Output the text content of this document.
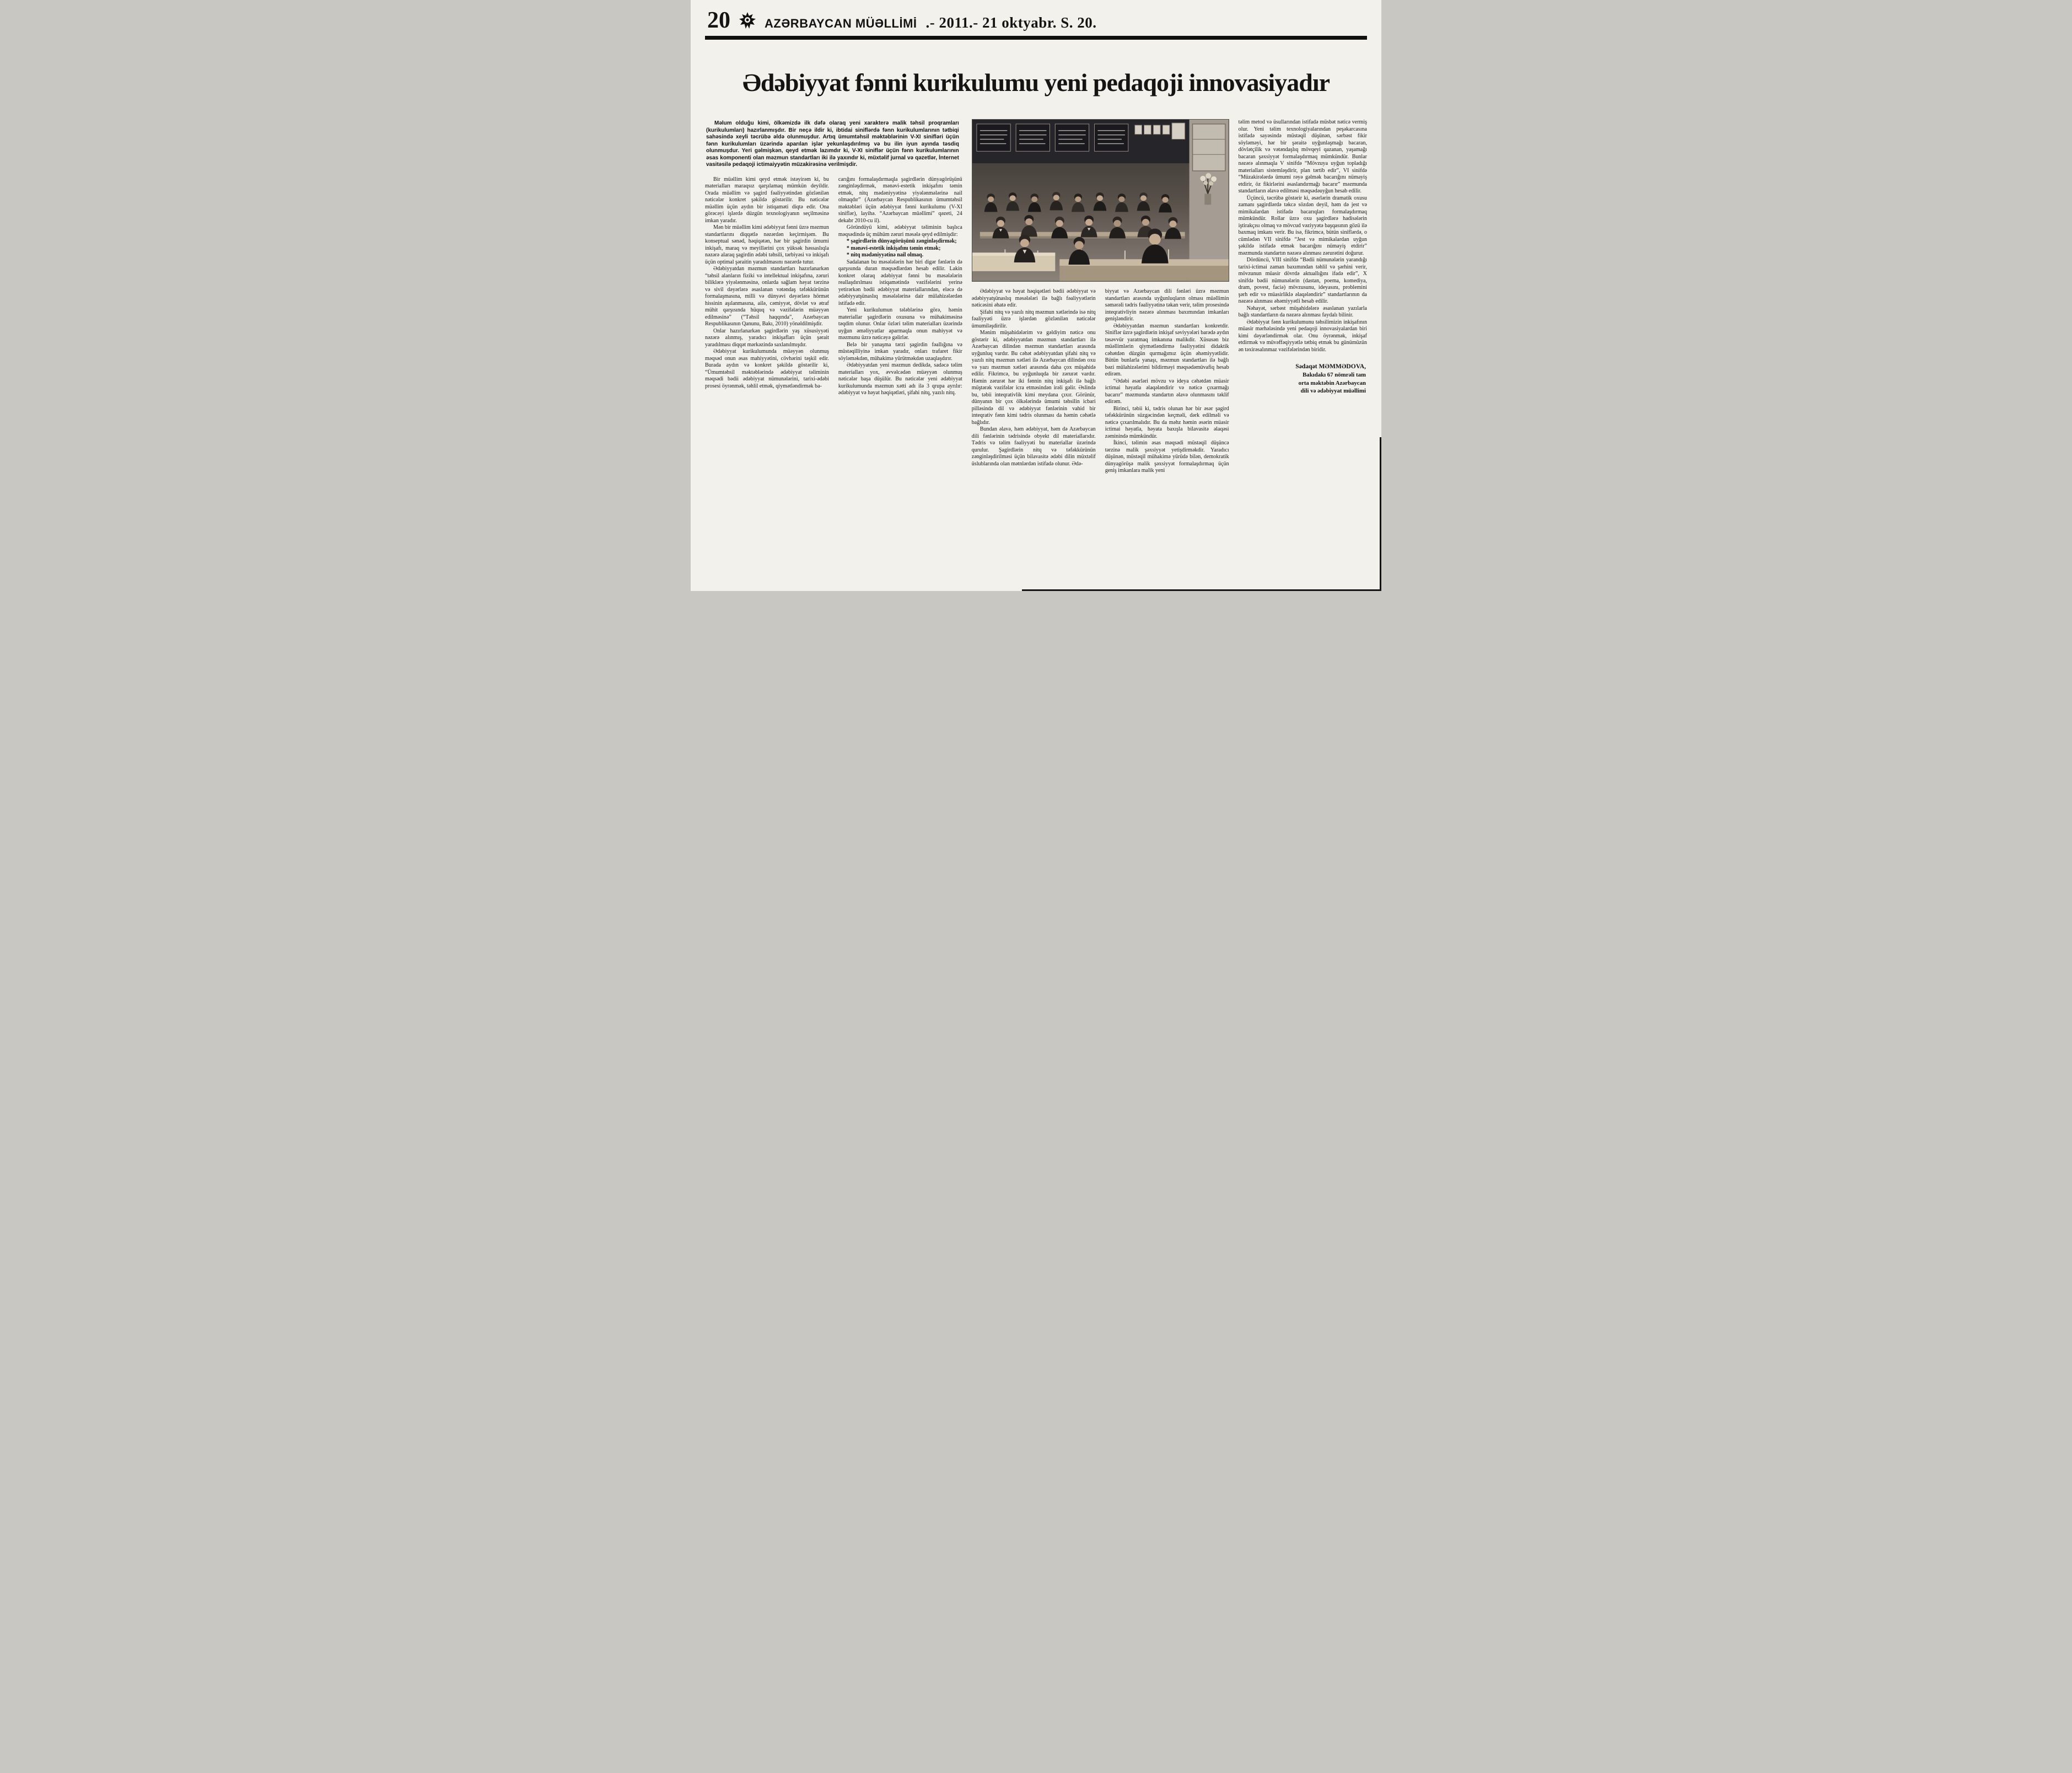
20	AZƏRBAYCAN MÜƏLLİMİ .- 2011.- 21 oktyabr. S. 20.
Ədəbiyyat fənni kurikulumu yeni pedaqoji innovasiyadır

Məlum olduğu kimi, ölkəmizdə ilk dəfə olaraq yeni xarakterə malik təhsil proqramları (kurikulumları) hazırlanmışdır. Bir neçə ildir ki, ibtidai siniflərdə fənn kurikulumlarının tətbiqi sahəsində xeyli təcrübə əldə olunmuşdur. Artıq ümumtəhsil məktəblərinin V-XI sinifləri üçün fənn kurikulumları üzərində aparılan işlər yekunlaşdırılmış və bu ilin iyun ayında təsdiq olunmuşdur. Yeri gəlmişkən, qeyd etmək lazımdır ki, V-XI siniflər üçün fənn kurikulumlarının əsas komponenti olan məzmun standartları iki ilə yaxındır ki, müxtəlif jurnal və qəzetlər, İnternet vasitəsilə pedaqoji ictimaiyyətin müzakirəsinə verilmişdir.

Bir müəllim kimi qeyd etmək istəyirəm ki, bu materialları maraqsız qarşılamaq mümkün deyildir. Orada müəllim və şagird fəaliyyətindən gözlənilən nəticələr konkret şəkildə göstərilir. Bu nəticələr müəllim üçün aydın bir istiqaməti diqtə edir. Ona görəcəyi işlərdə düzgün texnologiyanın seçilməsinə imkan yaradır.

Mən bir müəllim kimi ədəbiyyat fənni üzrə məzmun standartlarını diqqətlə nəzərdən keçirmişəm. Bu konseptual sənəd, həqiqətən, hər bir şagirdin ümumi inkişafı, maraq və meyillərini çox yüksək həssaslıqla nəzərə alaraq şagirdin ədəbi təhsili, tərbiyəsi və inkişafı üçün optimal şəraitin yaradılmasını nəzərdə tutur.

Ədəbiyyatdan məzmun standartları hazırlanarkən “təhsil alanların fiziki və intellektual inkişafına, zəruri biliklərə yiyələnməsinə, onlarda sağlam həyat tərzinə və sivil dəyərlərə əsaslanan vətəndaş təfəkkürünün formalaşmasına, milli və dünyəvi dəyərlərə hörmət hissinin aşılanmasına, ailə, cəmiyyət, dövlət və ətraf mühit qarşısında hüquq və vəzifələrin müəyyən edilməsinə” (“Təhsil haqqında”, Azərbaycan Respublikasının Qanunu, Bakı, 2010) yönəldilmişdir.

Onlar hazırlanarkən şagirdlərin yaş xüsusiyyəti nəzərə alınmış, yaradıcı inkişafları üçün şərait yaradılması diqqət mərkəzində saxlanılmışdır.

Ədəbiyyat kurikulumunda müəyyən olunmuş məqsəd onun əsas mahiyyətini, cövhərini təşkil edir. Burada aydın və konkret şəkildə göstərilir ki, “Ümumtəhsil məktəblərində ədəbiyyat təliminin məqsədi bədii ədəbiyyat nümunələrini, tarixi-ədəbi prosesi öyrənmək, təhlil etmək, qiymətləndirmək ba-

carığını formalaşdırmaqla şagirdlərin dünyagörüşünü zənginləşdirmək, mənəvi-estetik inkişafını təmin etmək, nitq mədəniyyətinə yiyələnmələrinə nail olmaqdır” (Azərbaycan Respublikasının ümumtəhsil məktəbləri üçün ədəbiyyat fənni kurikulumu (V-XI siniflər), layihə. “Azərbaycan müəllimi” qəzeti, 24 dekabr 2010-cu il).

Göründüyü kimi, ədəbiyyat təliminin başlıca məqsədində üç mühüm zəruri məsələ qeyd edilmişdir:

* şagirdlərin dünyagörüşünü zənginləşdirmək;

* mənəvi-estetik inkişafını təmin etmək;

* nitq mədəniyyətinə nail olmaq.

Sadalanan bu məsələlərin hər biri digər fənlərin də qarşısında duran məqsədlərdən hesab edilir. Lakin konkret olaraq ədəbiyyat fənni bu məsələlərin reallaşdırılması istiqamətində vəzifələrini yerinə yetirərkən bədii ədəbiyyat materiallarından, eləcə də ədəbiyyatşünaslıq məsələlərinə dair mülahizələrdən istifadə edir.

Yeni kurikulumun tələblərinə görə, həmin materiallar şagirdlərin oxusuna və mühakiməsinə təqdim olunur. Onlar özləri təlim materialları üzərində uyğun əməliyyatlar aparmaqla onun mahiyyət və məzmunu üzrə nəticəyə gəlirlər.

Belə bir yanaşma tərzi şagirdin fəallığına və müstəqilliyinə imkan yaradır, onları trafaret fikir söyləməkdən, mühakimə yürütməkdən uzaqlaşdırır.

Ədəbiyyatdan yeni məzmun dedikdə, sadəcə təlim materialları yox, əvvəlcədən müəyyən olunmuş nəticələr başa düşülür. Bu nəticələr yeni ədəbiyyat kurikulumunda məzmun xətti adı ilə 3 qrupa ayrılır: ədəbiyyat və həyat həqiqətləri, şifahi nitq, yazılı nitq.

Ədəbiyyat və həyat həqiqətləri bədii ədəbiyyat və ədəbiyyatşünaslıq məsələləri ilə bağlı fəaliyyətlərin nəticəsini əhatə edir.

Şifahi nitq və yazılı nitq məzmun xətlərində isə nitq fəaliyyəti üzrə işlərdən gözlənilən nəticələr ümumiləşdirilir.

Mənim müşahidələrim və gəldiyim nəticə onu göstərir ki, ədəbiyyatdan məzmun standartları ilə Azərbaycan dilindən məzmun standartları arasında uyğunluq vardır. Bu cəhət ədəbiyyatdan şifahi nitq və yazılı nitq məzmun xətləri ilə Azərbaycan dilindən oxu və yazı məzmun xətləri arasında daha çox müşahidə edilir. Fikrimcə, bu uyğunluqda bir zərurət vardır. Həmin zərurət hər iki fənnin nitq inkişafı ilə bağlı müştərək vəzifələr icra etməsindən irəli gəlir. Əslində bu, təbii inteqrativlik kimi meydana çıxır. Görünür, dünyanın bir çox ölkələrində ümumi təhsilin icbari pilləsində dil və ədəbiyyat fənlərinin vahid bir inteqrativ fənn kimi tədris olunması da həmin cəhətlə bağlıdır.

Bundan əlavə, həm ədəbiyyat, həm də Azərbaycan dili fənlərinin tədrisində obyekt dil materiallarıdır. Tədris və təlim fəaliyyəti bu materiallar üzərində qurulur. Şagirdlərin nitq və təfəkkürünün zənginləşdirilməsi üçün bilavasitə ədəbi dilin müxtəlif üslublarında olan mətnlərdən istifadə olunur. Ədə-

biyyat və Azərbaycan dili fənləri üzrə məzmun standartları arasında uyğunluqların olması müəllimin səmərəli tədris fəaliyyətinə təkan verir, təlim prosesində inteqrativliyin nəzərə alınması baxımından imkanları genişləndirir.

Ədəbiyyatdan məzmun standartları konkretdir. Siniflər üzrə şagirdlərin inkişaf səviyyələri barədə aydın təsəvvür yaratmaq imkanına malikdir. Xüsusən biz müəllimlərin qiymətləndirmə fəaliyyətini didaktik cəhətdən düzgün qurmağımız üçün əhəmiyyətlidir. Bütün bunlarla yanaşı, məzmun standartları ilə bağlı bəzi mülahizələrimi bildirməyi məqsədəmüvafiq hesab edirəm.

“Ədəbi əsərləri mövzu və ideya cəhətdən müasir ictimai həyatla əlaqələndirir və nəticə çıxarmağı bacarır” məzmunda standartın əlavə olunmasını təklif edirəm.

Birinci, təbii ki, tədris olunan hər bir əsər şagird təfəkkürünün süzgəcindən keçməli, dərk edilməli və nəticə çıxarılmalıdır. Bu da məhz həmin əsərin müasir ictimai həyatla, həyata baxışla bilavasitə əlaqəsi zəminində mümkündür.

İkinci, təlimin əsas məqsədi müstəqil düşüncə tərzinə malik şəxsiyyət yetişdirməkdir. Yaradıcı düşünən, müstəqil mühakimə yürüdə bilən, demokratik dünyagörüşə malik şəxsiyyət formalaşdırmaq üçün geniş imkanlara malik yeni

təlim metod və üsullarından istifadə müsbət nəticə vermiş olur. Yeni təlim texnologiyalarından peşəkarcasına istifadə sayəsində müstəqil düşünən, sərbəst fikir söyləməyi, hər bir şəraitə uyğunlaşmağı bacaran, dövlətçilik və vətəndaşlıq mövqeyi qazanan, yaşamağı bacaran şəxsiyyət formalaşdırmaq mümkündür. Bunlar nəzərə alınmaqla V sinifdə “Mövzuya uyğun topladığı materialları sistemləşdirir, plan tərtib edir”, VI sinifdə “Müzakirələrdə ümumi rəyə gəlmək bacarığını nümayiş etdirir, öz fikirlərini əsaslandırmağı bacarır” məzmunda standartların əlavə edilməsi məqsədəuyğun hesab edilir.

Üçüncü, təcrübə göstərir ki, əsərlərin dramatik oxusu zamanı şagirdlərdə təkcə sözdən deyil, həm də jest və mimikalardan istifadə bacarıqları formalaşdırmaq mümkündür. Rollar üzrə oxu şagirdlərə hadisələrin iştirakçısı olmaq və mövcud vəziyyətə başqasının gözü ilə baxmaq imkanı verir. Bu isə, fikrimcə, bütün siniflərdə, o cümlədən VII sinifdə “Jest və mimikalardan uyğun şəkildə istifadə etmək bacarığını nümayiş etdirir” məzmunda standartın nəzərə alınması zərurətini doğurur.

Dördüncü, VIII sinifdə “Bədii nümunələrin yarandığı tarixi-ictimai zaman baxımından təhlil və şərhini verir, mövzunun müasir dövrdə aktuallığını ifadə edir”, X sinifdə bədii nümunələrin (dastan, poema, komediya, dram, povest, faciə) mövzusunu, ideyasını, problemini şərh edir və müasirliklə əlaqələndirir” standartlarının da nəzərə alınması əhəmiyyətli hesab edilir.

Nəhayət, sərbəst müşahidələrə əsaslanan yazılarla bağlı standartların da nəzərə alınması faydalı bilinir.

Ədəbiyyat fənn kurikulumunu təhsilimizin inkişafının müasir mərhələsində yeni pedaqoji innovasiyalardan biri kimi dəyərləndirmək olar. Onu öyrənmək, inkişaf etdirmək və müvəffəqiyyətlə tətbiq etmək bu günümüzün ən təxirəsalınmaz vəzifələrindən biridir.

Sədaqət MƏMMƏDOVA,

Bakıdakı 67 nömrəli tam

orta məktəbin Azərbaycan

dili və ədəbiyyat müəllimi
